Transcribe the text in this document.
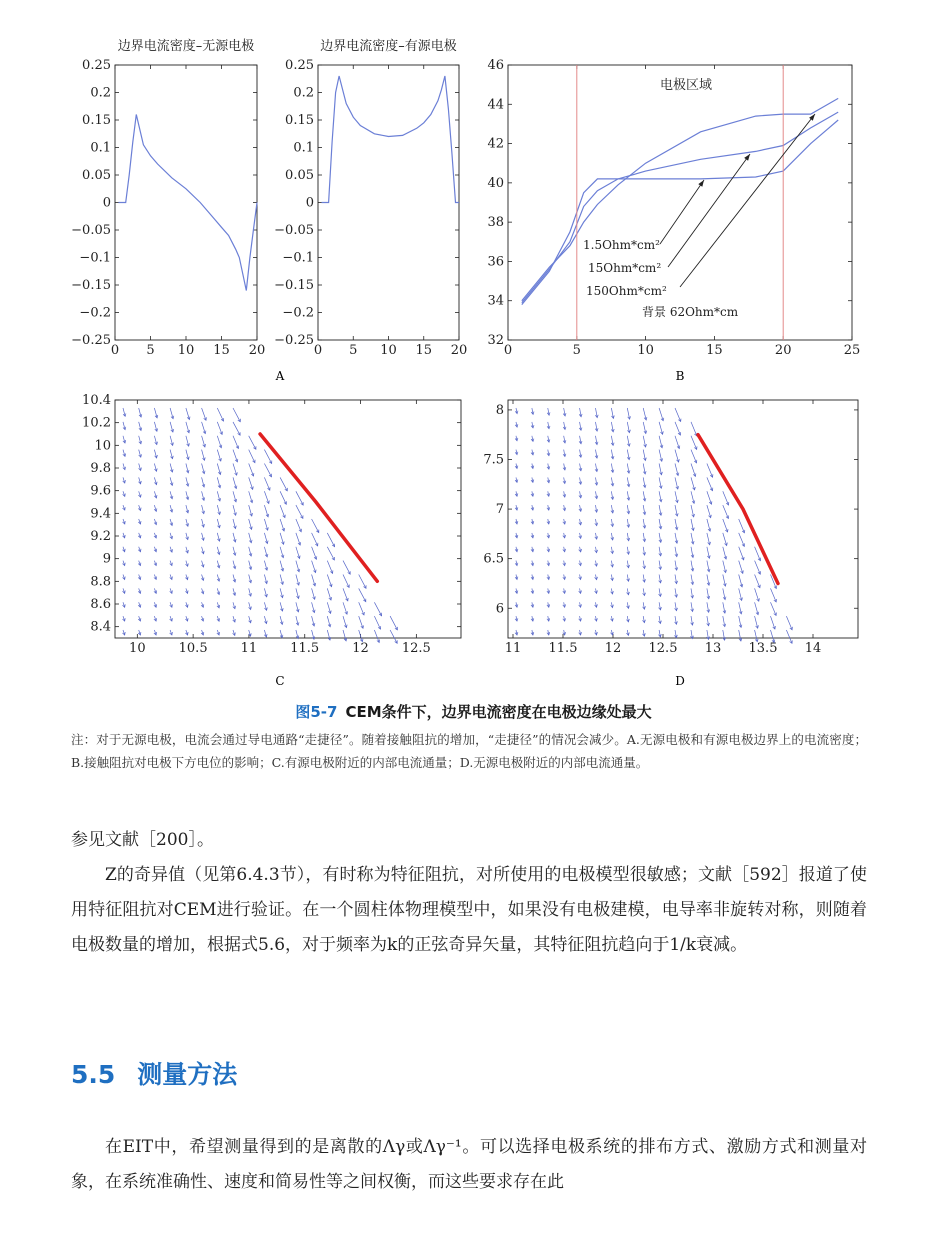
0 5 10 15 20
0.25
0.2
0.15
0.1
0.05
0
−0.05
−0.1
−0.15
−0.2
−0.25
边界电流密度–无源电极
0 5 10 15 20
0.25
0.2
0.15
0.1
0.05
0
−0.05
−0.1
−0.15
−0.2
−0.25
边界电流密度–有源电极
0	5	10	15	20	25
32
34
36
38
40
42
44
46
电极区域
1.5Ohm*cm²
15Ohm*cm²
150Ohm*cm²
背景 62Ohm*cm
10	10.5	11	11.5	12	12.5
8.4
8.6
8.8
9
9.2
9.4
9.6
9.8
10
10.2
10.4
11 11.5 12 12.5 13 13.5 14
6
6.5
7
7.5
8
A	B
C	D
图5-7 CEM条件下，边界电流密度在电极边缘处最大
注：对于无源电极，电流会通过导电通路“走捷径”。随着接触阻抗的增加，“走捷径”的情况会减少。A.无源电极和有源电极边界上的电流密度；B.接触阻抗对电极下方电位的影响；C.有源电极附近的内部电流通量；D.无源电极附近的内部电流通量。
参见文献［200］。
Z的奇异值（见第6.4.3节），有时称为特征阻抗，对所使用的电极模型很敏感；文献［592］报道了使用特征阻抗对CEM进行验证。在一个圆柱体物理模型中，如果没有电极建模，电导率非旋转对称，则随着电极数量的增加，根据式5.6，对于频率为k的正弦奇异矢量，其特征阻抗趋向于1/k衰减。
5.5 测量方法
在EIT中，希望测量得到的是离散的Λγ或Λγ⁻¹。可以选择电极系统的排布方式、激励方式和测量对象，在系统准确性、速度和简易性等之间权衡，而这些要求存在此
